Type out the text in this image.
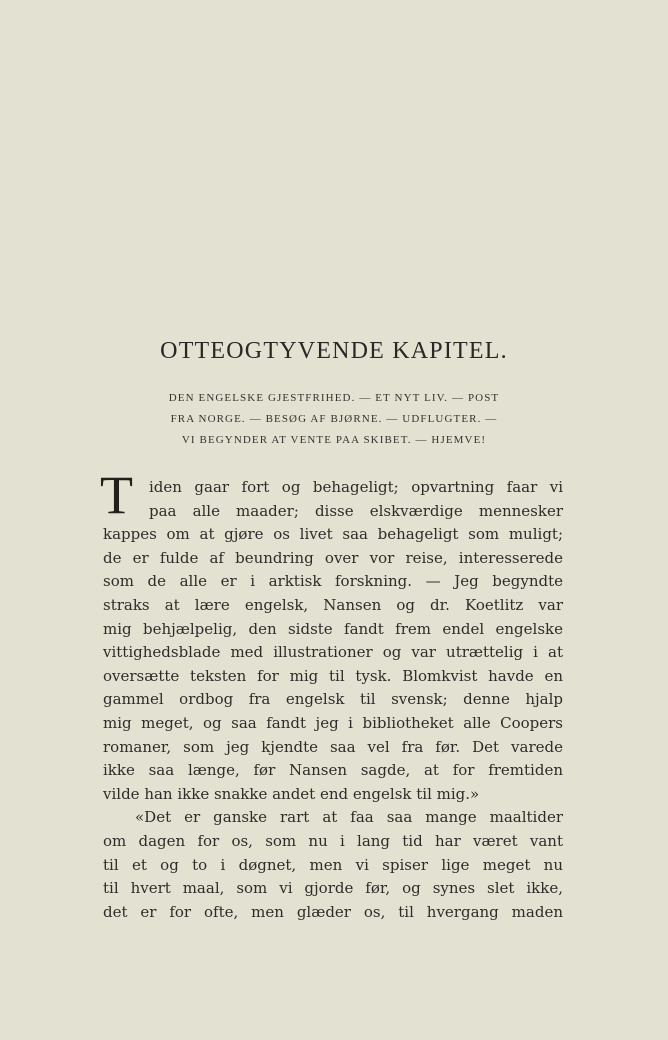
OTTEOGTYVENDE KAPITEL.
DEN ENGELSKE GJESTFRIHED. — ET NYT LIV. — POST
FRA NORGE. — BESØG AF BJØRNE. — UDFLUGTER. —
VI BEGYNDER AT VENTE PAA SKIBET. — HJEMVE!
T	iden gaar fort og behageligt; opvartning faar vi
paa alle maader; disse elskværdige mennesker
kappes om at gjøre os livet saa behageligt som muligt;
de er fulde af beundring over vor reise, interesserede
som de alle er i arktisk forskning. — Jeg begyndte
straks at lære engelsk, Nansen og dr. Koetlitz var
mig behjælpelig, den sidste fandt frem endel engelske
vittighedsblade med illustrationer og var utrættelig i at
oversætte teksten for mig til tysk. Blomkvist havde en
gammel ordbog fra engelsk til svensk; denne hjalp
mig meget, og saa fandt jeg i bibliotheket alle Coopers
romaner, som jeg kjendte saa vel fra før. Det varede
ikke saa længe, før Nansen sagde, at for fremtiden
vilde han ikke snakke andet end engelsk til mig.»
«Det er ganske rart at faa saa mange maaltider
om dagen for os, som nu i lang tid har været vant
til et og to i døgnet, men vi spiser lige meget nu
til hvert maal, som vi gjorde før, og synes slet ikke,
det er for ofte, men glæder os, til hvergang maden
